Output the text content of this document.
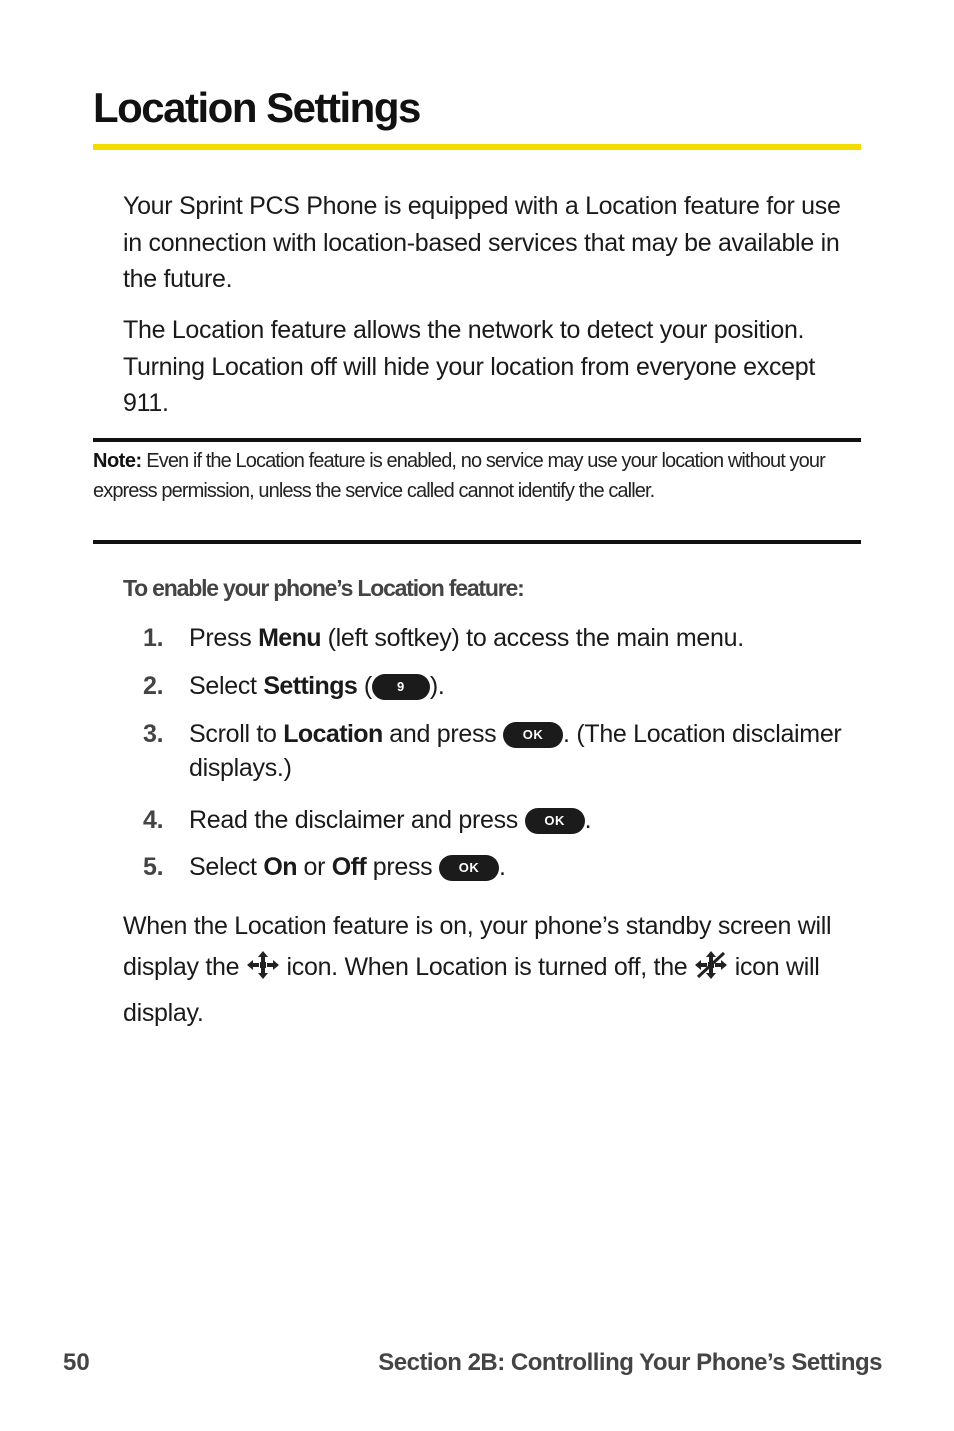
Location Settings

Your Sprint PCS Phone is equipped with a Location feature for use in connection with location-based services that may be available in the future.

The Location feature allows the network to detect your position. Turning Location off will hide your location from everyone except 911.

Note: Even if the Location feature is enabled, no service may use your location without your express permission, unless the service called cannot identify the caller.

To enable your phone’s Location feature:
1.	Press Menu (left softkey) to access the main menu.
2.	Select Settings ( 9 ).
3.	Scroll to Location and press OK . (The Location disclaimer displays.)
4.	Read the disclaimer and press OK .
5.	Select On or Off press OK .

When the Location feature is on, your phone’s standby screen will display the  icon. When Location is turned off, the  icon will display.

50	Section 2B: Controlling Your Phone’s Settings
